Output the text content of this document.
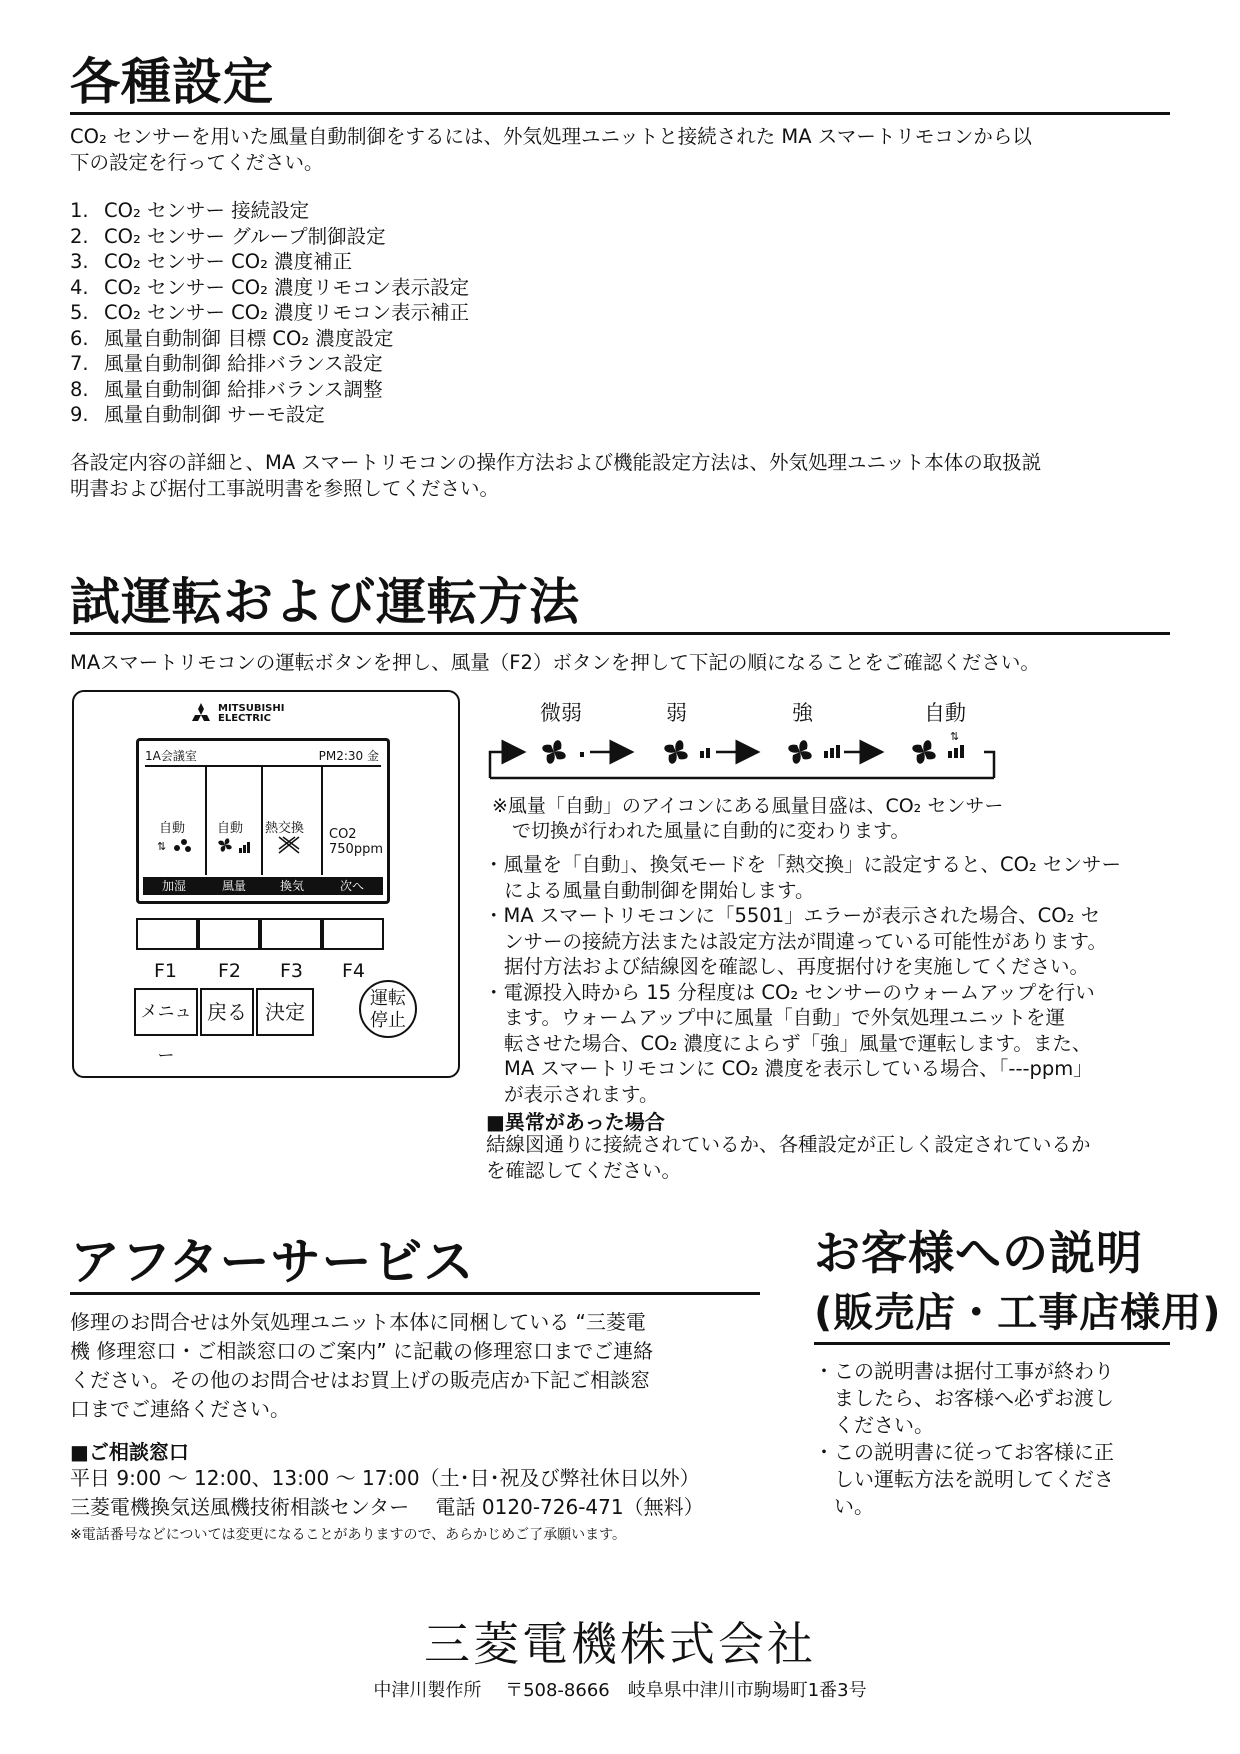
各種設定

CO₂ センサーを用いた風量自動制御をするには、外気処理ユニットと接続された MA スマートリモコンから以

下の設定を行ってください。

1. CO₂ センサー 接続設定
2. CO₂ センサー グループ制御設定
3. CO₂ センサー CO₂ 濃度補正
4. CO₂ センサー CO₂ 濃度リモコン表示設定
5. CO₂ センサー CO₂ 濃度リモコン表示補正
6. 風量自動制御 目標 CO₂ 濃度設定
7. 風量自動制御 給排バランス設定
8. 風量自動制御 給排バランス調整
9. 風量自動制御 サーモ設定

各設定内容の詳細と、MA スマートリモコンの操作方法および機能設定方法は、外気処理ユニット本体の取扱説

明書および据付工事説明書を参照してください。

試運転および運転方法

MAスマートリモコンの運転ボタンを押し、風量（F2）ボタンを押して下記の順になることをご確認ください。

MITSUBISHI
ELECTRIC
1A会議室	PM2:30 金
自動
⇅
自動 熱交換 CO2
750ppm
加湿	風量	換気	次へ
F1 F2 F3 F4
メニュー
戻る 決定
運転
停止
微弱	弱	強	自動
⇅
※風量「自動」のアイコンにある風量目盛は、CO₂ センサー
で切換が行われた風量に自動的に変わります。
・風量を「自動」、換気モードを「熱交換」に設定すると、CO₂ センサー
による風量自動制御を開始します。
・MA スマートリモコンに「5501」エラーが表示された場合、CO₂ セ
ンサーの接続方法または設定方法が間違っている可能性があります。
据付方法および結線図を確認し、再度据付けを実施してください。
・電源投入時から 15 分程度は CO₂ センサーのウォームアップを行い
ます。ウォームアップ中に風量「自動」で外気処理ユニットを運
転させた場合、CO₂ 濃度によらず「強」風量で運転します。また、
MA スマートリモコンに CO₂ 濃度を表示している場合、「---ppm」
が表示されます。
■異常があった場合
結線図通りに接続されているか、各種設定が正しく設定されているか
を確認してください。
アフターサービス
修理のお問合せは外気処理ユニット本体に同梱している “三菱電
機 修理窓口・ご相談窓口のご案内” に記載の修理窓口までご連絡
ください。その他のお問合せはお買上げの販売店か下記ご相談窓
口までご連絡ください。
■ご相談窓口
平日 9:00 ～ 12:00、13:00 ～ 17:00（土･日･祝及び弊社休日以外）
三菱電機換気送風機技術相談センター　 電話 0120-726-471（無料）
※電話番号などについては変更になることがありますので、あらかじめご了承願います。
お客様への説明
(販売店・工事店様用)
・この説明書は据付工事が終わり
ましたら、お客様へ必ずお渡し
ください。
・この説明書に従ってお客様に正
しい運転方法を説明してくださ
い。
三菱電機株式会社
中津川製作所　 〒508-8666　岐阜県中津川市駒場町1番3号
